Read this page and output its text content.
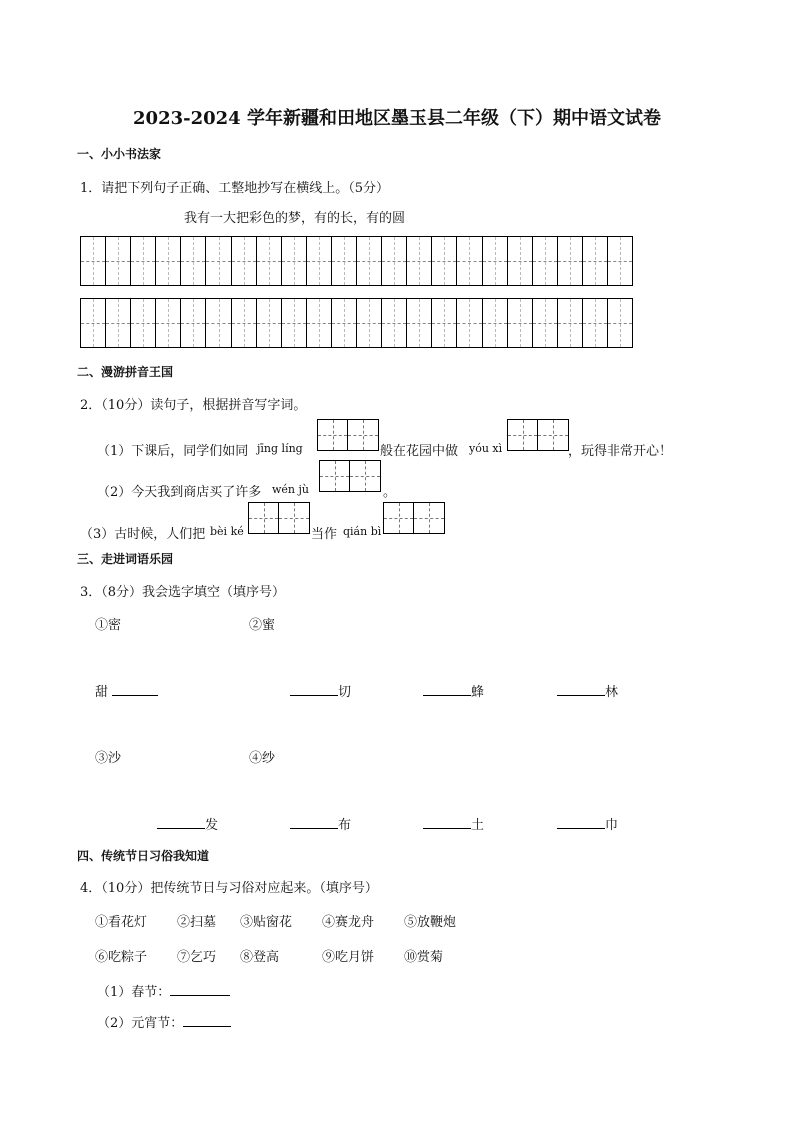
2023-2024 学年新疆和田地区墨玉县二年级（下）期中语文试卷
一、小小书法家
1．请把下列句子正确、工整地抄写在横线上。（5分）
我有一大把彩色的梦，有的长，有的圆
二、漫游拼音王国
2．（10分）读句子，根据拼音写字词。
（1）下课后，同学们如同 jīng líng	般在花园中做 yóu xì	，玩得非常开心！
（2）今天我到商店买了许多 wén jù	。
（3）古时候，人们把 bèi ké	当作 qián bì
三、走进词语乐园
3．（8分）我会选字填空（填序号）
①密	②蜜
甜	切	蜂	林
③沙	④纱
发	布	土	巾
四、传统节日习俗我知道
4．（10分）把传统节日与习俗对应起来。（填序号）
①看花灯 ②扫墓 ③贴窗花 ④赛龙舟 ⑤放鞭炮
⑥吃粽子 ⑦乞巧 ⑧登高	⑨吃月饼 ⑩赏菊
（1）春节：
（2）元宵节：
